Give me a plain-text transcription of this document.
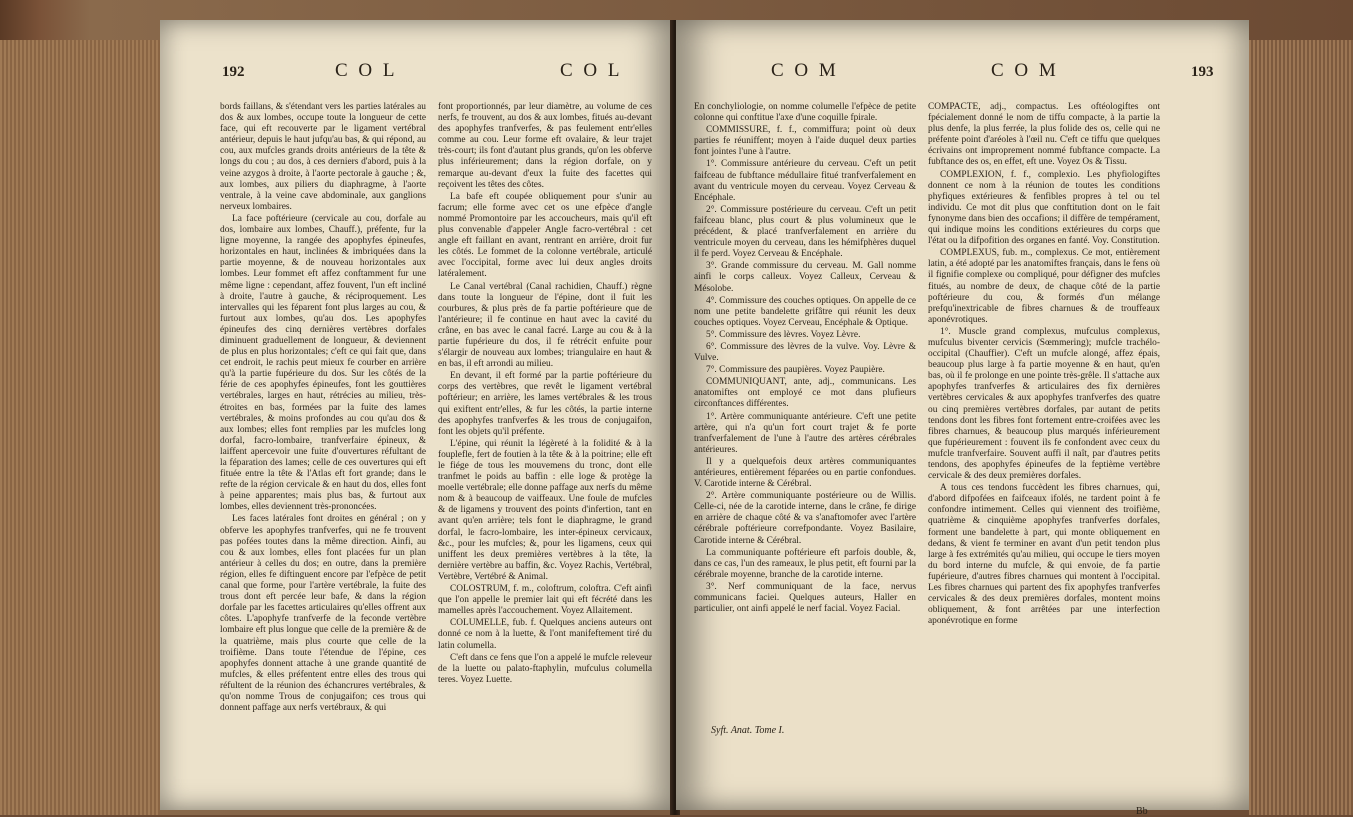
192	C O L	C O L

bords faillans, & s'étendant vers les parties latérales au dos & aux lombes, occupe toute la longueur de cette face, qui eft recouverte par le ligament vertébral antérieur, depuis le haut jufqu'au bas, & qui répond, au cou, aux mufcles grands droits antérieurs de la tête & longs du cou ; au dos, à ces derniers d'abord, puis à la veine azygos à droite, à l'aorte pectorale à gauche ; &, aux lombes, aux piliers du diaphragme, à l'aorte ventrale, à la veine cave abdominale, aux ganglions nerveux lombaires.

La face poftérieure (cervicale au cou, dorfale au dos, lombaire aux lombes, Chauff.), préfente, fur la ligne moyenne, la rangée des apophyfes épineufes, horizontales en haut, inclinées & imbriquées dans la partie moyenne, & de nouveau horizontales aux lombes. Leur fommet eft affez conftamment fur une même ligne : cependant, affez fouvent, l'un eft incliné à droite, l'autre à gauche, & réciproquement. Les intervalles qui les féparent font plus larges au cou, & furtout aux lombes, qu'au dos. Les apophyfes épineufes des cinq dernières vertèbres dorfales diminuent graduellement de longueur, & deviennent de plus en plus horizontales; c'eft ce qui fait que, dans cet endroit, le rachis peut mieux fe courber en arrière qu'à la partie fupérieure du dos. Sur les côtés de la férie de ces apophyfes épineufes, font les gouttières vertébrales, larges en haut, rétrécies au milieu, très-étroites en bas, formées par la fuite des lames vertébrales, & moins profondes au cou qu'au dos & aux lombes; elles font remplies par les mufcles long dorfal, facro-lombaire, tranfverfaire épineux, & laiffent apercevoir une fuite d'ouvertures réfultant de la féparation des lames; celle de ces ouvertures qui eft fituée entre la tête & l'Atlas eft fort grande; dans le refte de la région cervicale & en haut du dos, elles font à peine apparentes; mais plus bas, & furtout aux lombes, elles deviennent très-prononcées.

Les faces latérales font droites en général ; on y obferve les apophyfes tranfverfes, qui ne fe trouvent pas pofées toutes dans la même direction. Ainfi, au cou & aux lombes, elles font placées fur un plan antérieur à celles du dos; en outre, dans la première région, elles fe diftinguent encore par l'efpèce de petit canal que forme, pour l'artère vertébrale, la fuite des trous dont eft percée leur bafe, & dans la région dorfale par les facettes articulaires qu'elles offrent aux côtes. L'apophyfe tranfverfe de la feconde vertèbre lombaire eft plus longue que celle de la première & de la quatrième, mais plus courte que celle de la troifième. Dans toute l'étendue de l'épine, ces apophyfes donnent attache à une grande quantité de mufcles, & elles préfentent entre elles des trous qui réfultent de la réunion des échancrures vertébrales, & qu'on nomme Trous de conjugaifon; ces trous qui donnent paffage aux nerfs vertébraux, & qui

font proportionnés, par leur diamètre, au volume de ces nerfs, fe trouvent, au dos & aux lombes, fitués au-devant des apophyfes tranfverfes, & pas feulement entr'elles comme au cou. Leur forme eft ovalaire, & leur trajet très-court; ils font d'autant plus grands, qu'on les obferve plus inférieurement; dans la région dorfale, on y remarque au-devant d'eux la fuite des facettes qui reçoivent les têtes des côtes.

La bafe eft coupée obliquement pour s'unir au facrum; elle forme avec cet os une efpèce d'angle nommé Promontoire par les accoucheurs, mais qu'il eft plus convenable d'appeler Angle facro-vertébral : cet angle eft faillant en avant, rentrant en arrière, droit fur les côtés. Le fommet de la colonne vertébrale, articulé avec l'occipital, forme avec lui deux angles droits latéralement.

Le Canal vertébral (Canal rachidien, Chauff.) règne dans toute la longueur de l'épine, dont il fuit les courbures, & plus près de fa partie poftérieure que de l'antérieure; il fe continue en haut avec la cavité du crâne, en bas avec le canal facré. Large au cou & à la partie fupérieure du dos, il fe rétrécit enfuite pour s'élargir de nouveau aux lombes; triangulaire en haut & en bas, il eft arrondi au milieu.

En devant, il eft formé par la partie poftérieure du corps des vertèbres, que revêt le ligament vertébral poftérieur; en arrière, les lames vertébrales & les trous qui exiftent entr'elles, & fur les côtés, la partie interne des apophyfes tranfverfes & les trous de conjugaifon, font les objets qu'il préfente.

L'épine, qui réunit la légèreté à la folidité & à la fouplefle, fert de foutien à la tête & à la poitrine; elle eft le fiége de tous les mouvemens du tronc, dont elle tranfmet le poids au baffin : elle loge & protège la moelle vertébrale; elle donne paffage aux nerfs du même nom & à beaucoup de vaiffeaux. Une foule de mufcles & de ligamens y trouvent des points d'infertion, tant en avant qu'en arrière; tels font le diaphragme, le grand dorfal, le facro-lombaire, les inter-épineux cervicaux, &c., pour les mufcles; &, pour les ligamens, ceux qui uniffent les deux premières vertèbres à la tête, la dernière vertèbre au baffin, &c. Voyez Rachis, Vertébral, Vertèbre, Vertébré & Animal.

COLOSTRUM, f. m., coloftrum, coloftra. C'eft ainfi que l'on appelle le premier lait qui eft fécrété dans les mamelles après l'accouchement. Voyez Allaitement.

COLUMELLE, fub. f. Quelques anciens auteurs ont donné ce nom à la luette, & l'ont manifeftement tiré du latin columella.

C'eft dans ce fens que l'on a appelé le mufcle releveur de la luette ou palato-ftaphylin, mufculus columella teres. Voyez Luette.

C O M	C O M	193

En conchyliologie, on nomme columelle l'efpèce de petite colonne qui conftitue l'axe d'une coquille fpirale.

COMMISSURE, f. f., commiffura; point où deux parties fe réuniffent; moyen à l'aide duquel deux parties font jointes l'une à l'autre.

1°. Commissure antérieure du cerveau. C'eft un petit faifceau de fubftance médullaire fitué tranfverfalement en avant du ventricule moyen du cerveau. Voyez Cerveau & Encéphale.

2°. Commissure postérieure du cerveau. C'eft un petit faifceau blanc, plus court & plus volumineux que le précédent, & placé tranfverfalement en arrière du ventricule moyen du cerveau, dans les hémifphères duquel il fe perd. Voyez Cerveau & Encéphale.

3°. Grande commissure du cerveau. M. Gall nomme ainfi le corps calleux. Voyez Calleux, Cerveau & Mésolobe.

4°. Commissure des couches optiques. On appelle de ce nom une petite bandelette grifâtre qui réunit les deux couches optiques. Voyez Cerveau, Encéphale & Optique.

5°. Commissure des lèvres. Voyez Lèvre.

6°. Commissure des lèvres de la vulve. Voy. Lèvre & Vulve.

7°. Commissure des paupières. Voyez Paupière.

COMMUNIQUANT, ante, adj., communicans. Les anatomiftes ont employé ce mot dans plufieurs circonftances différentes.

1°. Artère communiquante antérieure. C'eft une petite artère, qui n'a qu'un fort court trajet & fe porte tranfverfalement de l'une à l'autre des artères cérébrales antérieures.

Il y a quelquefois deux artères communiquantes antérieures, entièrement féparées ou en partie confondues. V. Carotide interne & Cérébral.

2°. Artère communiquante postérieure ou de Willis. Celle-ci, née de la carotide interne, dans le crâne, fe dirige en arrière de chaque côté & va s'anaftomofer avec l'artère cérébrale poftérieure correfpondante. Voyez Basilaire, Carotide interne & Cérébral.

La communiquante poftérieure eft parfois double, &, dans ce cas, l'un des rameaux, le plus petit, eft fourni par la cérébrale moyenne, branche de la carotide interne.

3°. Nerf communiquant de la face, nervus communicans faciei. Quelques auteurs, Haller en particulier, ont ainfi appelé le nerf facial. Voyez Facial.

Syft. Anat. Tome I.

COMPACTE, adj., compactus. Les oftéologiftes ont fpécialement donné le nom de tiffu compacte, à la partie la plus denfe, la plus ferrée, la plus folide des os, celle qui ne préfente point d'aréoles à l'œil nu. C'eft ce tiffu que quelques écrivains ont improprement nommé fubftance compacte. La fubftance des os, en effet, eft une. Voyez Os & Tissu.

COMPLEXION, f. f., complexio. Les phyfiologiftes donnent ce nom à la réunion de toutes les conditions phyfiques extérieures & fenfibles propres à tel ou tel individu. Ce mot dit plus que conftitution dont on le fait fynonyme dans bien des occafions; il diffère de tempérament, qui indique moins les conditions extérieures du corps que l'état ou la difpofition des organes en fanté. Voy. Constitution.

COMPLEXUS, fub. m., complexus. Ce mot, entièrement latin, a été adopté par les anatomiftes français, dans le fens où il fignifie complexe ou compliqué, pour défigner des mufcles fitués, au nombre de deux, de chaque côté de la partie poftérieure du cou, & formés d'un mélange prefqu'inextricable de fibres charnues & de trouffeaux aponévrotiques.

1°. Muscle grand complexus, mufculus complexus, mufculus biventer cervicis (Sœmmering); mufcle trachélo-occipital (Chauffier). C'eft un mufcle alongé, affez épais, beaucoup plus large à fa partie moyenne & en haut, qu'en bas, où il fe prolonge en une pointe très-grêle. Il s'attache aux apophyfes tranfverfes & articulaires des fix dernières vertèbres cervicales & aux apophyfes tranfverfes des quatre ou cinq premières vertèbres dorfales, par autant de petits tendons dont les fibres font fortement entre-croifées avec les fibres charnues, & beaucoup plus marqués inférieurement que fupérieurement : fouvent ils fe confondent avec ceux du mufcle tranfverfaire. Souvent auffi il naît, par d'autres petits tendons, des apophyfes épineufes de la feptième vertèbre cervicale & des deux premières dorfales.

A tous ces tendons fuccèdent les fibres charnues, qui, d'abord difpofées en faifceaux ifolés, ne tardent point à fe confondre intimement. Celles qui viennent des troifième, quatrième & cinquième apophyfes tranfverfes dorfales, forment une bandelette à part, qui monte obliquement en dedans, & vient fe terminer en avant d'un petit tendon plus large à fes extrémités qu'au milieu, qui occupe le tiers moyen du bord interne du mufcle, & qui envoie, de fa partie fupérieure, d'autres fibres charnues qui montent à l'occipital. Les fibres charnues qui partent des fix apophyfes tranfverfes cervicales & des deux premières dorfales, montent moins obliquement, & font arrêtées par une interfection aponévrotique en forme

Bb
